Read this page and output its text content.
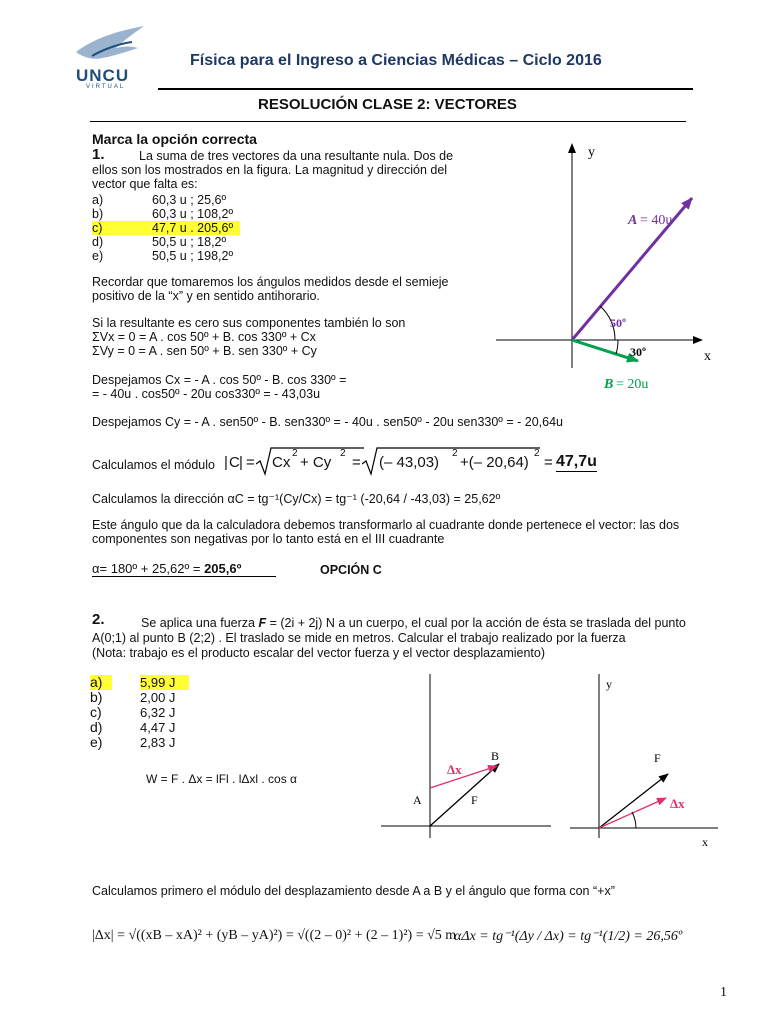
UNCU
VIRTUAL
Física para el Ingreso a Ciencias Médicas – Ciclo 2016
RESOLUCIÓN CLASE 2: VECTORES
Marca la opción correcta
1.	La suma de tres vectores da una resultante nula. Dos de
ellos son los mostrados en la figura. La magnitud y dirección del
vector que falta es:
a)	60,3 u ; 25,6º
b)	60,3 u ; 108,2º
c)	47,7 u . 205,6º
d)	50,5 u ; 18,2º
e)	50,5 u ; 198,2º
Recordar que tomaremos los ángulos medidos desde el semieje
positivo de la “x” y en sentido antihorario.
Si la resultante es cero sus componentes también lo son
ΣVx = 0 = A . cos 50º + B. cos 330º + Cx
ΣVy = 0 = A . sen 50º + B. sen 330º + Cy
Despejamos Cx = - A . cos 50º - B. cos 330º =
= - 40u . cos50º - 20u cos330º = - 43,03u
Despejamos Cy = - A . sen50º - B. sen330º = - 40u . sen50º - 20u sen330º = - 20,64u
Calculamos el módulo | C | = Cx
2
+ Cy
2
= (– 43,03)
2
+(– 20,64)
2
= 47,7u
Calculamos la dirección αC = tg⁻¹(Cy/Cx) = tg⁻¹ (-20,64 / -43,03) = 25,62º
Este ángulo que da la calculadora debemos transformarlo al cuadrante donde pertenece el vector: las dos
componentes son negativas por lo tanto está en el III cuadrante
α= 180º + 25,62º = 205,6º	OPCIÓN C
y
x
A = 40u
B = 20u
50º
30º
2.	Se aplica una fuerza F = (2i + 2j) N a un cuerpo, el cual por la acción de ésta se traslada del punto
A(0;1) al punto B (2;2) . El traslado se mide en metros. Calcular el trabajo realizado por la fuerza
(Nota: trabajo es el producto escalar del vector fuerza y el vector desplazamiento)
a)	5,99 J
b)	2,00 J
c)	6,32 J
d)	4,47 J
e)	2,83 J
W = F . Δx = lFl . lΔxl . cos α
Δx
B
A	F
y
x
F
Δx
Calculamos primero el módulo del desplazamiento desde A a B y el ángulo que forma con “+x”
|Δx| = √((xB – xA)² + (yB – yA)²) = √((2 – 0)² + (2 – 1)²) = √5 m
αΔx = tg⁻¹(Δy / Δx) = tg⁻¹(1/2) = 26,56º
1
